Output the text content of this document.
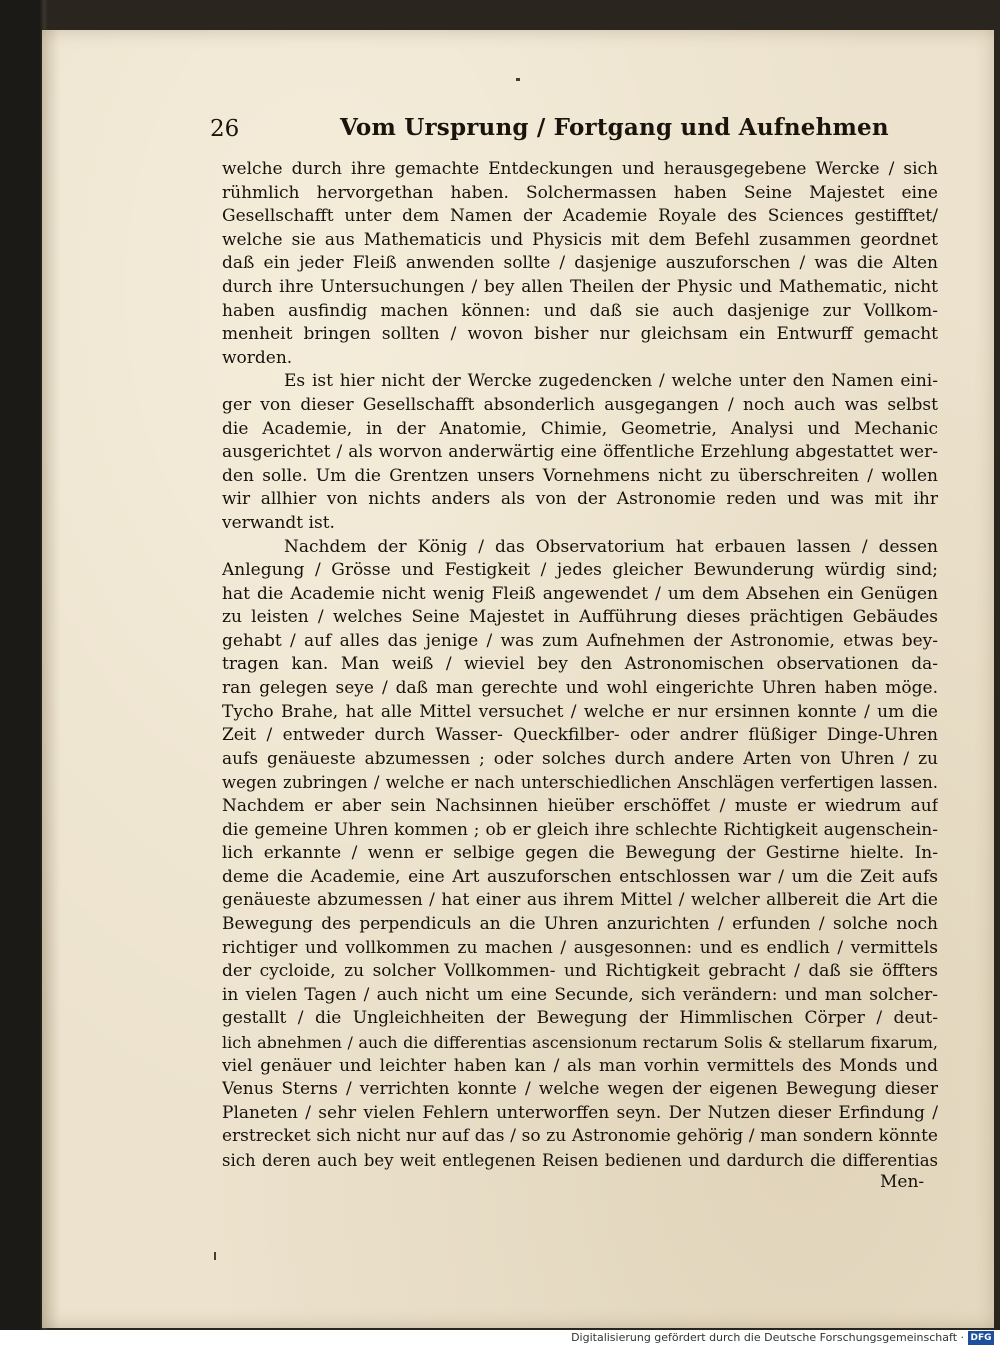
26	Vom Ursprung / Fortgang und Aufnehmen
welche durch ihre gemachte Entdeckungen und herausgegebene Wercke / sich
rühmlich hervorgethan haben. Solchermassen haben Seine Majestet eine
Gesellschafft unter dem Namen der Academie Royale des Sciences gestifftet/
welche sie aus Mathematicis und Physicis mit dem Befehl zusammen geordnet
daß ein jeder Fleiß anwenden sollte / dasjenige auszuforschen / was die Alten
durch ihre Untersuchungen / bey allen Theilen der Physic und Mathematic, nicht
haben ausfindig machen können: und daß sie auch dasjenige zur Vollkom-
menheit bringen sollten / wovon bisher nur gleichsam ein Entwurff gemacht
worden.
Es ist hier nicht der Wercke zugedencken / welche unter den Namen eini-
ger von dieser Gesellschafft absonderlich ausgegangen / noch auch was selbst
die Academie, in der Anatomie, Chimie, Geometrie, Analysi und Mechanic
ausgerichtet / als worvon anderwärtig eine öffentliche Erzehlung abgestattet wer-
den solle. Um die Grentzen unsers Vornehmens nicht zu überschreiten / wollen
wir allhier von nichts anders als von der Astronomie reden und was mit ihr
verwandt ist.
Nachdem der König / das Observatorium hat erbauen lassen / dessen
Anlegung / Grösse und Festigkeit / jedes gleicher Bewunderung würdig sind;
hat die Academie nicht wenig Fleiß angewendet / um dem Absehen ein Genügen
zu leisten / welches Seine Majestet in Aufführung dieses prächtigen Gebäudes
gehabt / auf alles das jenige / was zum Aufnehmen der Astronomie, etwas bey-
tragen kan. Man weiß / wieviel bey den Astronomischen observationen da-
ran gelegen seye / daß man gerechte und wohl eingerichte Uhren haben möge.
Tycho Brahe, hat alle Mittel versuchet / welche er nur ersinnen konnte / um die
Zeit / entweder durch Wasser- Queckfilber- oder andrer flüßiger Dinge-Uhren
aufs genäueste abzumessen ; oder solches durch andere Arten von Uhren / zu
wegen zubringen / welche er nach unterschiedlichen Anschlägen verfertigen lassen.
Nachdem er aber sein Nachsinnen hieüber erschöffet / muste er wiedrum auf
die gemeine Uhren kommen ; ob er gleich ihre schlechte Richtigkeit augenschein-
lich erkannte / wenn er selbige gegen die Bewegung der Gestirne hielte. In-
deme die Academie, eine Art auszuforschen entschlossen war / um die Zeit aufs
genäueste abzumessen / hat einer aus ihrem Mittel / welcher allbereit die Art die
Bewegung des perpendiculs an die Uhren anzurichten / erfunden / solche noch
richtiger und vollkommen zu machen / ausgesonnen: und es endlich / vermittels
der cycloide, zu solcher Vollkommen- und Richtigkeit gebracht / daß sie öffters
in vielen Tagen / auch nicht um eine Secunde, sich verändern: und man solcher-
gestallt / die Ungleichheiten der Bewegung der Himmlischen Cörper / deut-
lich abnehmen / auch die differentias ascensionum rectarum Solis & stellarum fixarum,
viel genäuer und leichter haben kan / als man vorhin vermittels des Monds und
Venus Sterns / verrichten konnte / welche wegen der eigenen Bewegung dieser
Planeten / sehr vielen Fehlern unterworffen seyn. Der Nutzen dieser Erfindung /
erstrecket sich nicht nur auf das / so zu Astronomie gehörig / man sondern könnte
sich deren auch bey weit entlegenen Reisen bedienen und dardurch die differentias
Men-
Digitalisierung gefördert durch die Deutsche Forschungsgemeinschaft · DFG
